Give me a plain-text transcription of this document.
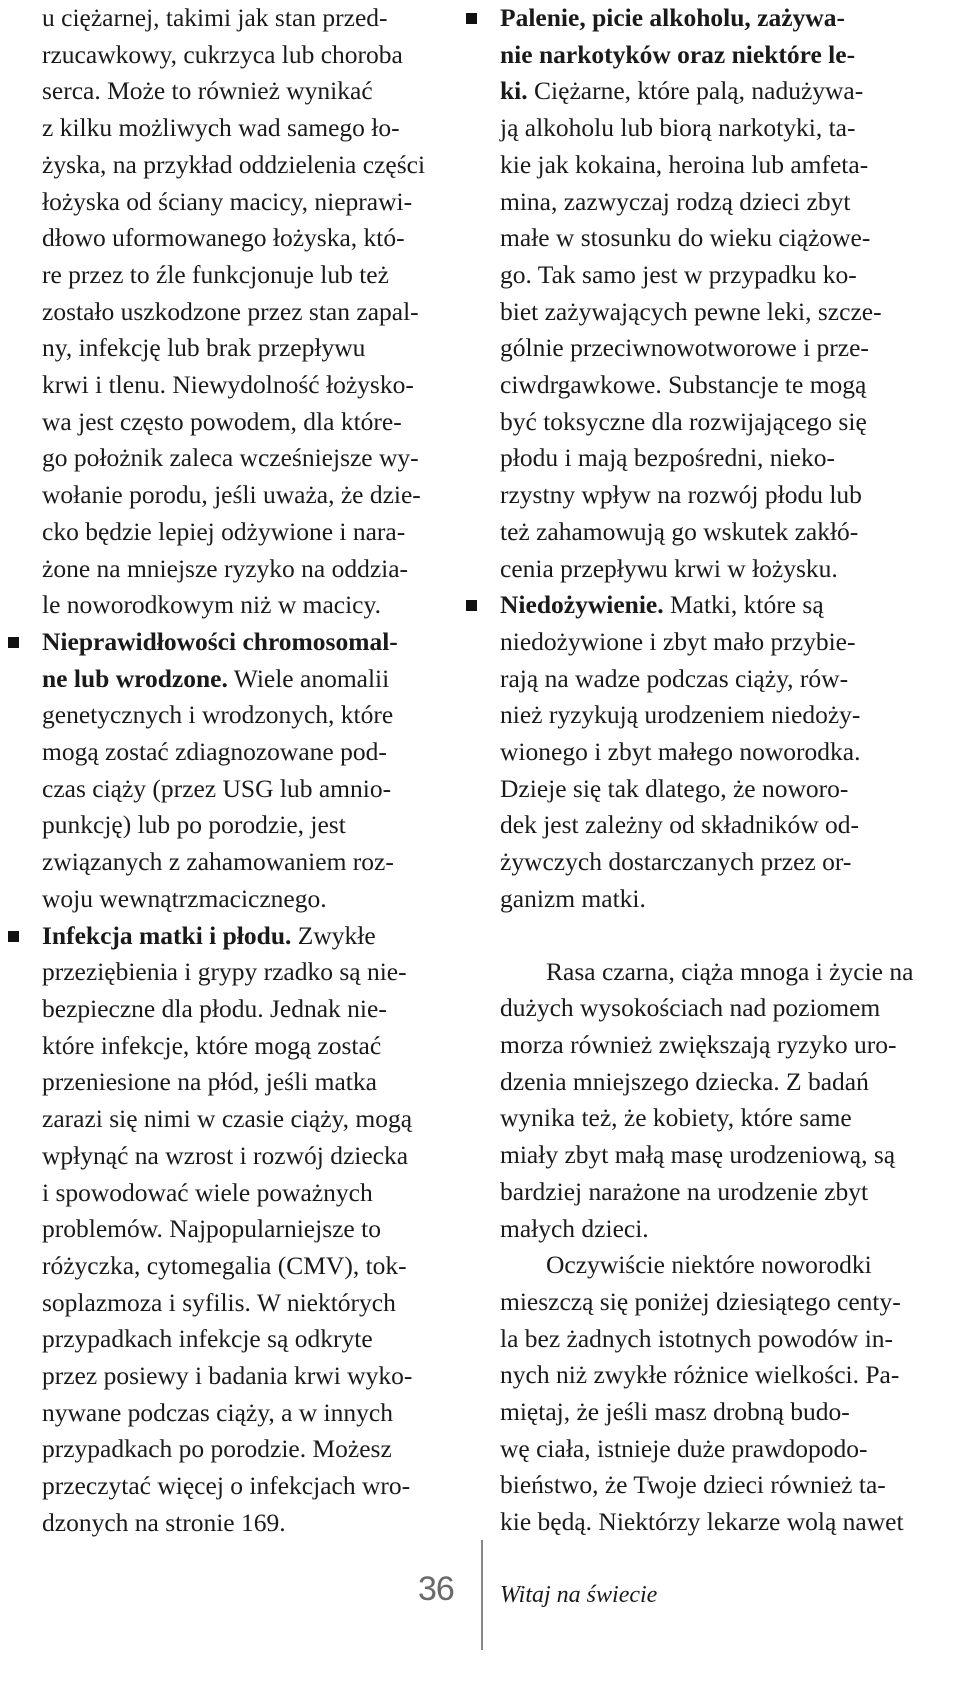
u ciężarnej, takimi jak stan przed-
rzucawkowy, cukrzyca lub choroba
serca. Może to również wynikać
z kilku możliwych wad samego ło-
żyska, na przykład oddzielenia części
łożyska od ściany macicy, nieprawi-
dłowo uformowanego łożyska, któ-
re przez to źle funkcjonuje lub też
zostało uszkodzone przez stan zapal-
ny, infekcję lub brak przepływu
krwi i tlenu. Niewydolność łożysko-
wa jest często powodem, dla które-
go położnik zaleca wcześniejsze wy-
wołanie porodu, jeśli uważa, że dzie-
cko będzie lepiej odżywione i nara-
żone na mniejsze ryzyko na oddzia-
le noworodkowym niż w macicy.

Nieprawidłowości chromosomal-
ne lub wrodzone. Wiele anomalii
genetycznych i wrodzonych, które
mogą zostać zdiagnozowane pod-
czas ciąży (przez USG lub amnio-
punkcję) lub po porodzie, jest
związanych z zahamowaniem roz-
woju wewnątrzmacicznego.

Infekcja matki i płodu. Zwykłe
przeziębienia i grypy rzadko są nie-
bezpieczne dla płodu. Jednak nie-
które infekcje, które mogą zostać
przeniesione na płód, jeśli matka
zarazi się nimi w czasie ciąży, mogą
wpłynąć na wzrost i rozwój dziecka
i spowodować wiele poważnych
problemów. Najpopularniejsze to
różyczka, cytomegalia (CMV), tok-
soplazmoza i syfilis. W niektórych
przypadkach infekcje są odkryte
przez posiewy i badania krwi wyko-
nywane podczas ciąży, a w innych
przypadkach po porodzie. Możesz
przeczytać więcej o infekcjach wro-
dzonych na stronie 169.

Palenie, picie alkoholu, zażywa-
nie narkotyków oraz niektóre le-
ki. Ciężarne, które palą, nadużywa-
ją alkoholu lub biorą narkotyki, ta-
kie jak kokaina, heroina lub amfeta-
mina, zazwyczaj rodzą dzieci zbyt
małe w stosunku do wieku ciążowe-
go. Tak samo jest w przypadku ko-
biet zażywających pewne leki, szcze-
gólnie przeciwnowotworowe i prze-
ciwdrgawkowe. Substancje te mogą
być toksyczne dla rozwijającego się
płodu i mają bezpośredni, nieko-
rzystny wpływ na rozwój płodu lub
też zahamowują go wskutek zakłó-
cenia przepływu krwi w łożysku.

Niedożywienie. Matki, które są
niedożywione i zbyt mało przybie-
rają na wadze podczas ciąży, rów-
nież ryzykują urodzeniem niedoży-
wionego i zbyt małego noworodka.
Dzieje się tak dlatego, że noworo-
dek jest zależny od składników od-
żywczych dostarczanych przez or-
ganizm matki.

Rasa czarna, ciąża mnoga i życie na
dużych wysokościach nad poziomem
morza również zwiększają ryzyko uro-
dzenia mniejszego dziecka. Z badań
wynika też, że kobiety, które same
miały zbyt małą masę urodzeniową, są
bardziej narażone na urodzenie zbyt
małych dzieci.

Oczywiście niektóre noworodki
mieszczą się poniżej dziesiątego centy-
la bez żadnych istotnych powodów in-
nych niż zwykłe różnice wielkości. Pa-
miętaj, że jeśli masz drobną budo-
wę ciała, istnieje duże prawdopodo-
bieństwo, że Twoje dzieci również ta-
kie będą. Niektórzy lekarze wolą nawet

36 Witaj na świecie
